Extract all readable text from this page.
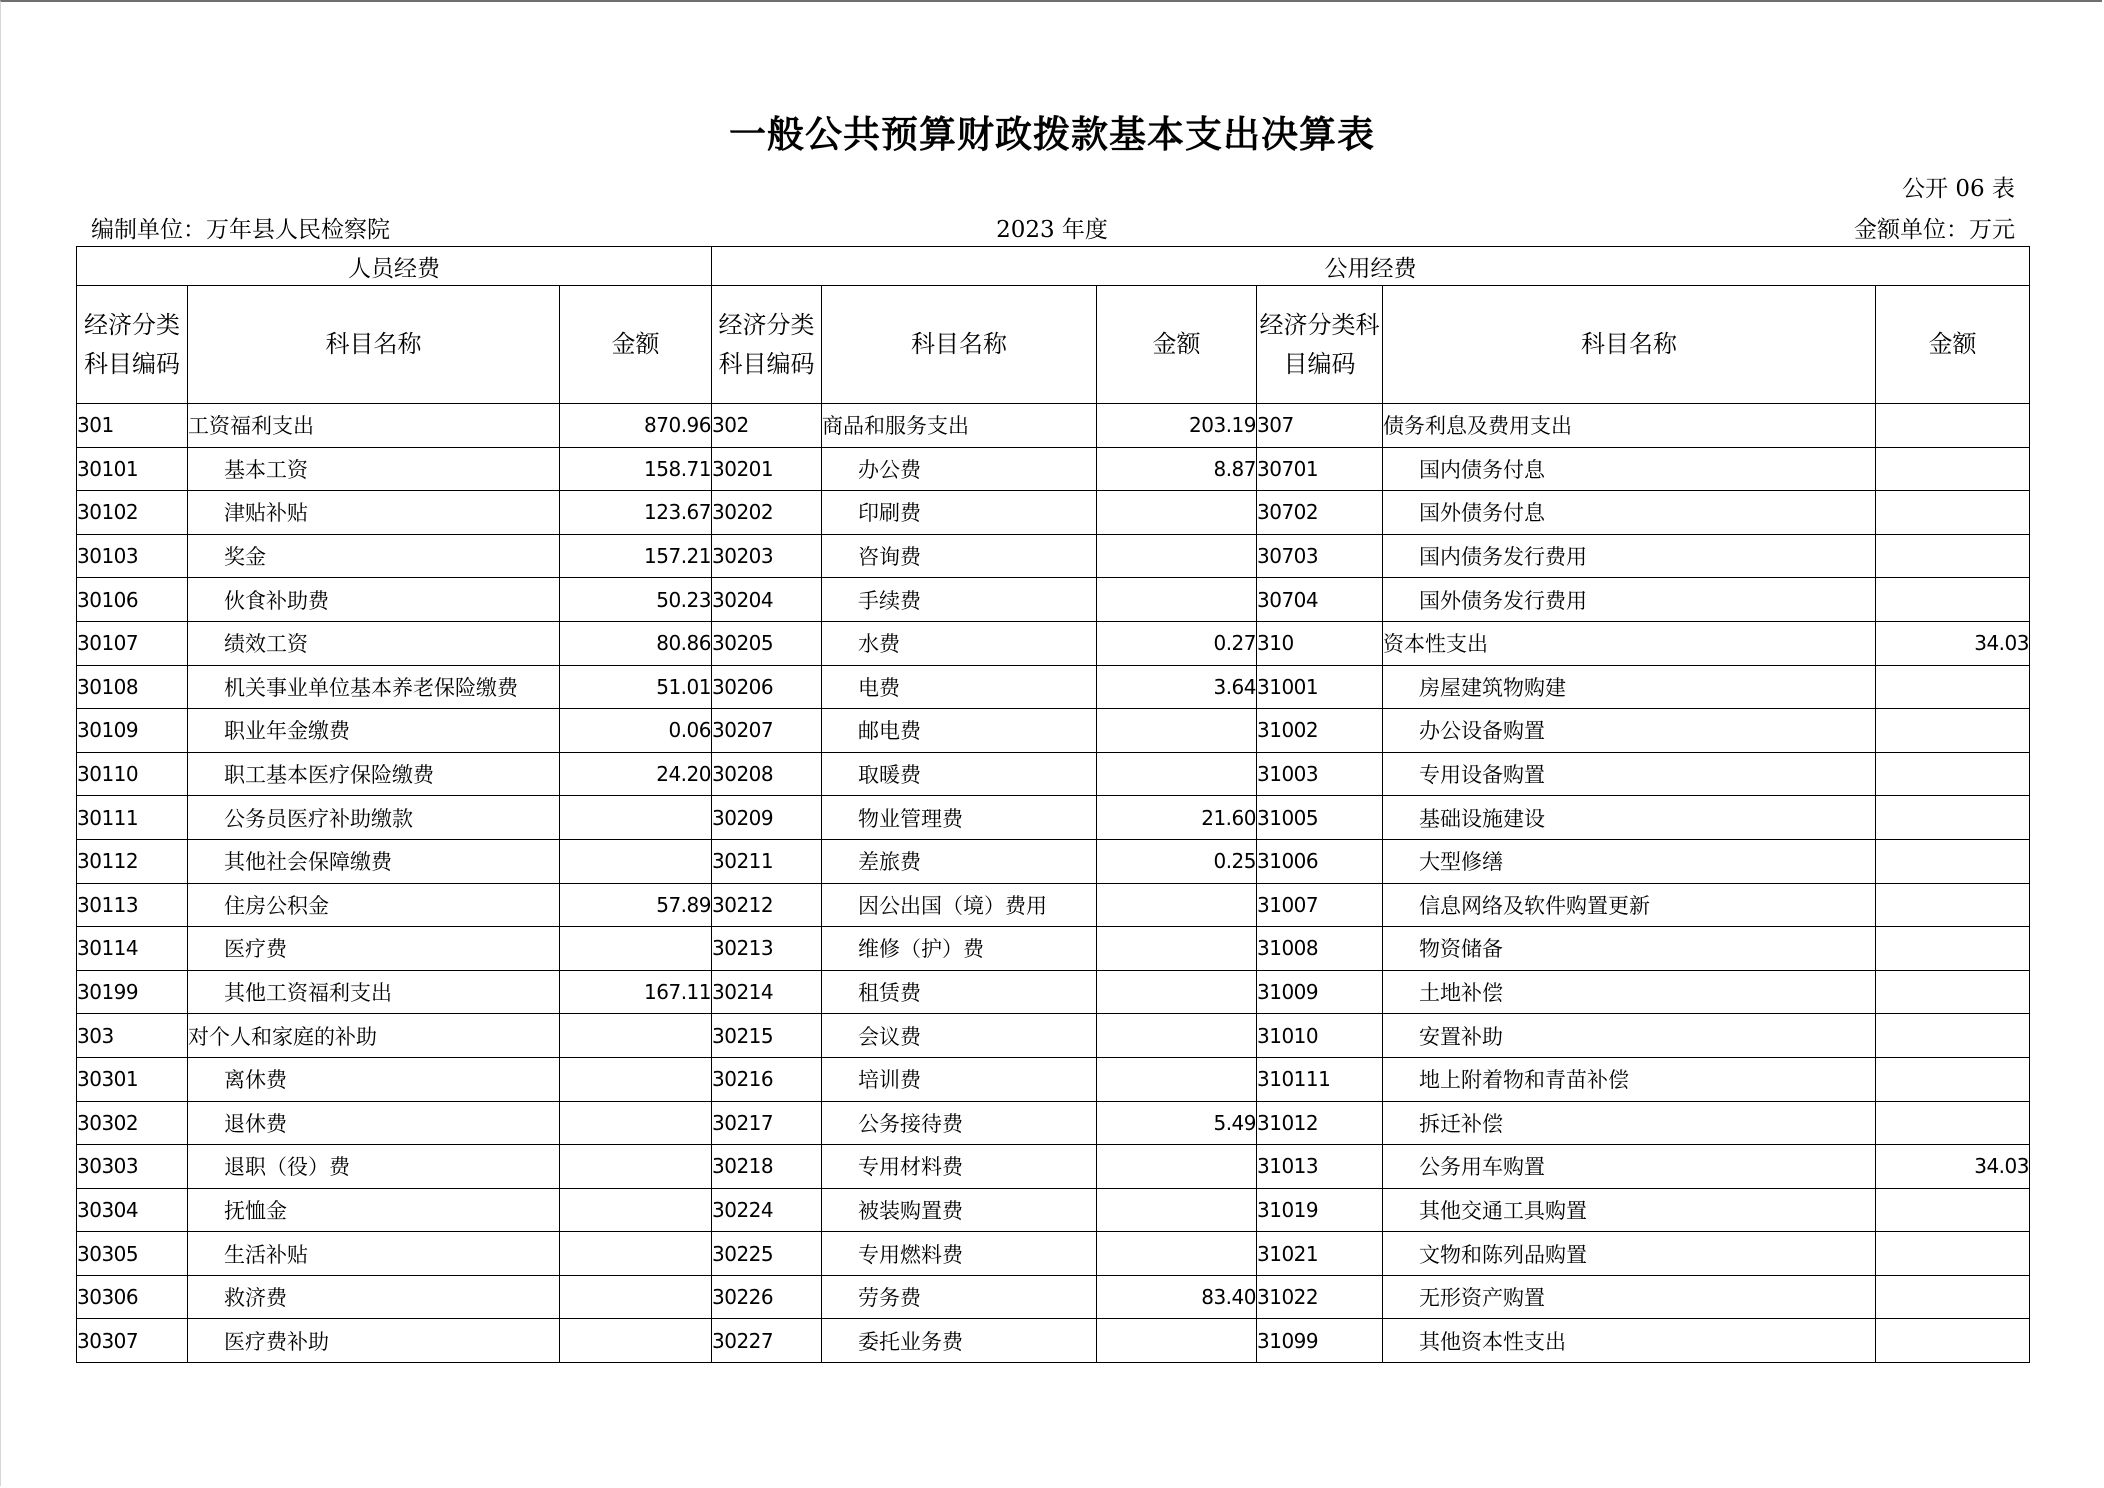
一般公共预算财政拨款基本支出决算表
公开 06 表
编制单位：万年县人民检察院	2023 年度	金额单位：万元
人员经费			公用经费					
经济分类科目编码	科目名称	金额	经济分类科目编码	科目名称	金额	经济分类科目编码	科目名称	金额
301	工资福利支出	870.96	302	商品和服务支出	203.19	307	债务利息及费用支出	
30101	基本工资	158.71	30201	办公费	8.87	30701	国内债务付息	
30102	津贴补贴	123.67	30202	印刷费		30702	国外债务付息	
30103	奖金	157.21	30203	咨询费		30703	国内债务发行费用	
30106	伙食补助费	50.23	30204	手续费		30704	国外债务发行费用	
30107	绩效工资	80.86	30205	水费	0.27	310	资本性支出	34.03
30108	机关事业单位基本养老保险缴费	51.01	30206	电费	3.64	31001	房屋建筑物购建	
30109	职业年金缴费	0.06	30207	邮电费		31002	办公设备购置	
30110	职工基本医疗保险缴费	24.20	30208	取暖费		31003	专用设备购置	
30111	公务员医疗补助缴款		30209	物业管理费	21.60	31005	基础设施建设	
30112	其他社会保障缴费		30211	差旅费	0.25	31006	大型修缮	
30113	住房公积金	57.89	30212	因公出国（境）费用		31007	信息网络及软件购置更新	
30114	医疗费		30213	维修（护）费		31008	物资储备	
30199	其他工资福利支出	167.11	30214	租赁费		31009	土地补偿	
303	对个人和家庭的补助		30215	会议费		31010	安置补助	
30301	离休费		30216	培训费		310111	地上附着物和青苗补偿	
30302	退休费		30217	公务接待费	5.49	31012	拆迁补偿	
30303	退职（役）费		30218	专用材料费		31013	公务用车购置	34.03
30304	抚恤金		30224	被装购置费		31019	其他交通工具购置	
30305	生活补贴		30225	专用燃料费		31021	文物和陈列品购置	
30306	救济费		30226	劳务费	83.40	31022	无形资产购置	
30307	医疗费补助		30227	委托业务费		31099	其他资本性支出	
